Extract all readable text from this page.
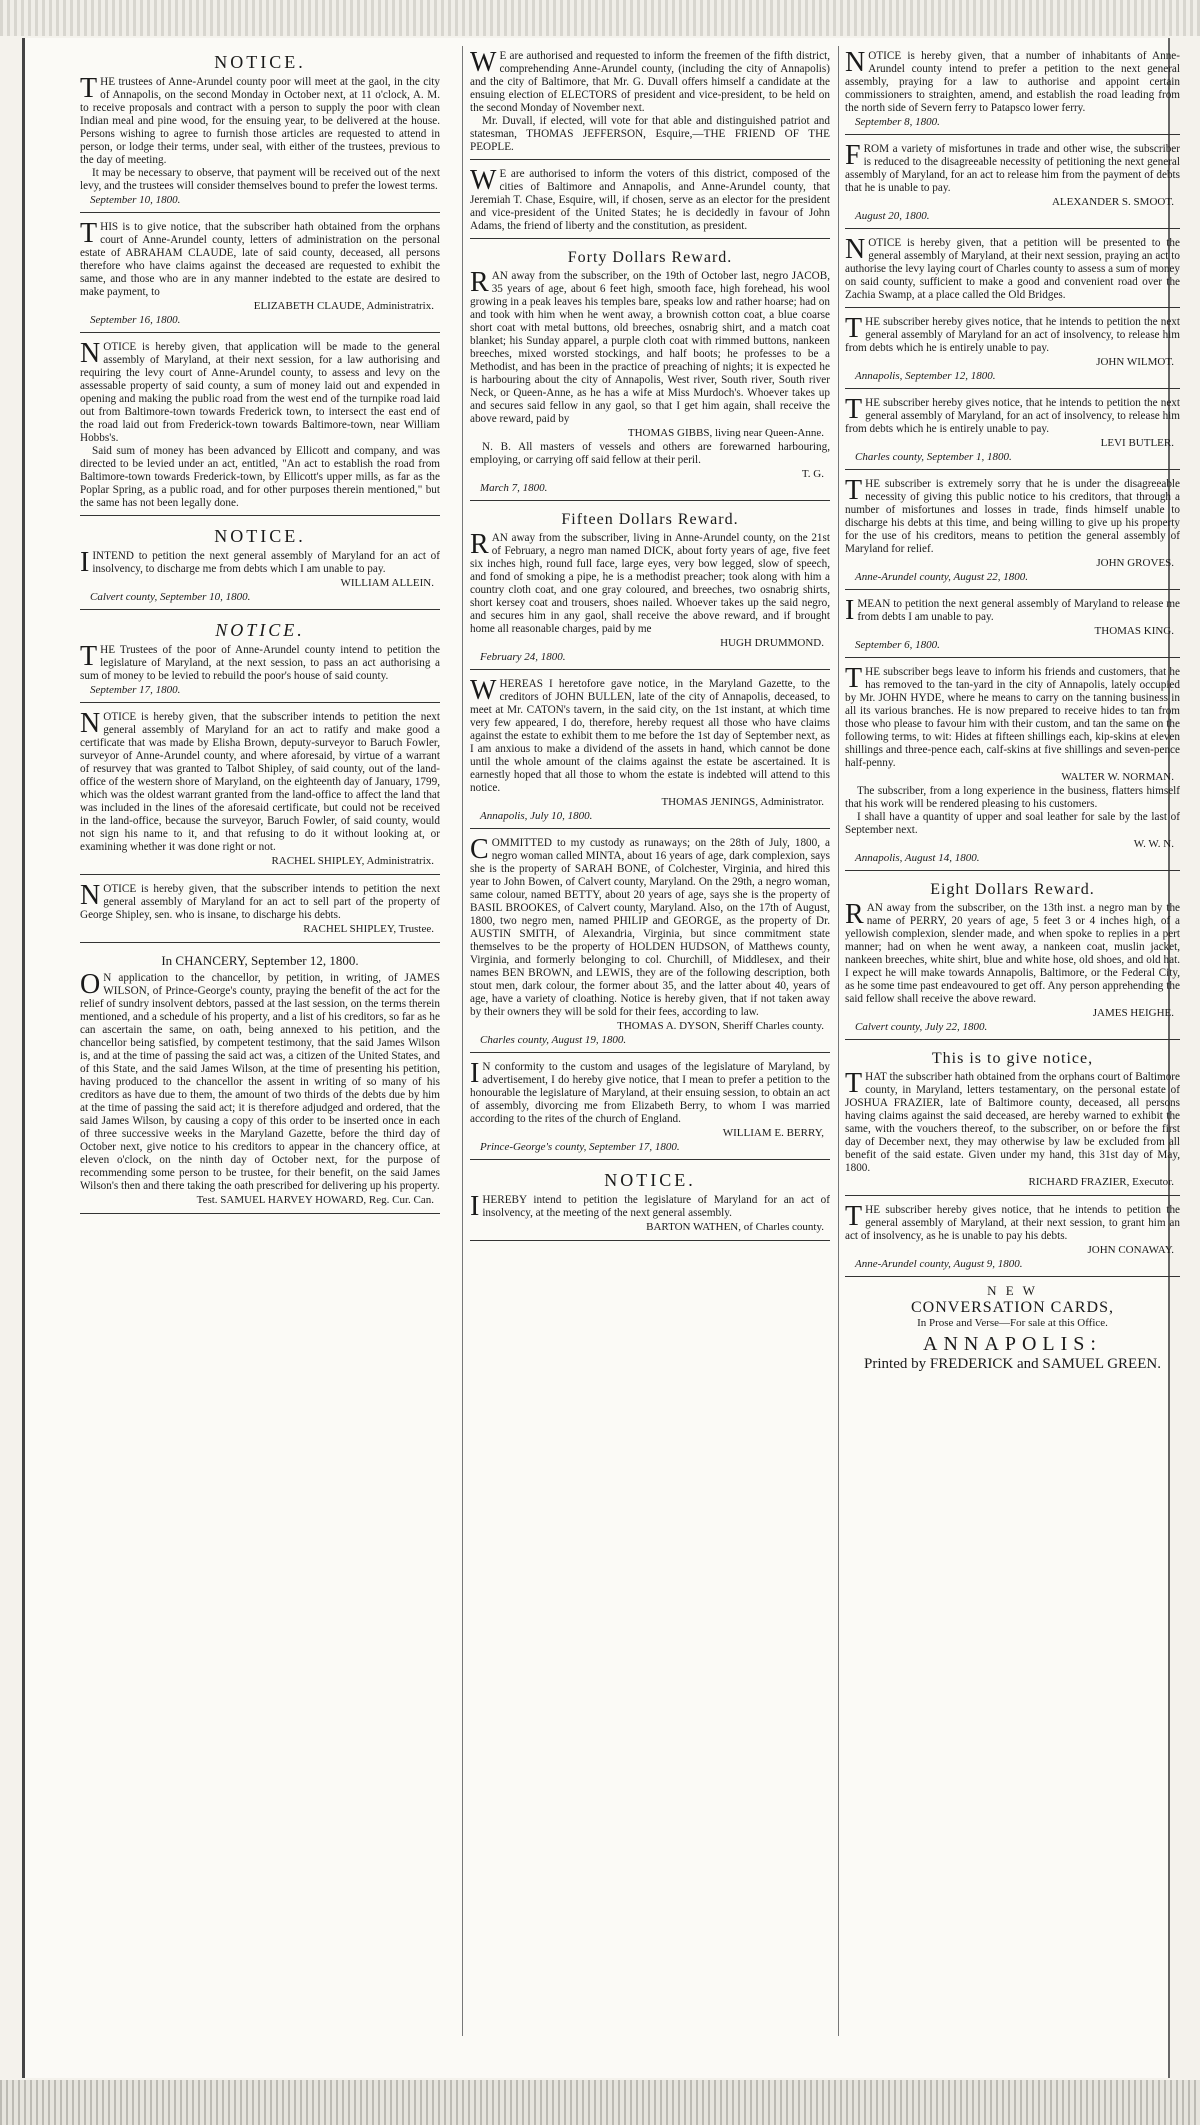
NOTICE.

THE trustees of Anne-Arundel county poor will meet at the gaol, in the city of Annapolis, on the second Monday in October next, at 11 o'clock, A. M. to receive proposals and contract with a person to supply the poor with clean Indian meal and pine wood, for the ensuing year, to be delivered at the house. Persons wishing to agree to furnish those articles are requested to attend in person, or lodge their terms, under seal, with either of the trustees, previous to the day of meeting.

It may be necessary to observe, that payment will be received out of the next levy, and the trustees will consider themselves bound to prefer the lowest terms.

September 10, 1800.

THIS is to give notice, that the subscriber hath obtained from the orphans court of Anne-Arundel county, letters of administration on the personal estate of ABRAHAM CLAUDE, late of said county, deceased, all persons therefore who have claims against the deceased are requested to exhibit the same, and those who are in any manner indebted to the estate are desired to make payment, to

ELIZABETH CLAUDE, Administratrix.

September 16, 1800.

NOTICE is hereby given, that application will be made to the general assembly of Maryland, at their next session, for a law authorising and requiring the levy court of Anne-Arundel county, to assess and levy on the assessable property of said county, a sum of money laid out and expended in opening and making the public road from the west end of the turnpike road laid out from Baltimore-town towards Frederick town, to intersect the east end of the road laid out from Frederick-town towards Baltimore-town, near William Hobbs's.

Said sum of money has been advanced by Ellicott and company, and was directed to be levied under an act, entitled, "An act to establish the road from Baltimore-town towards Frederick-town, by Ellicott's upper mills, as far as the Poplar Spring, as a public road, and for other purposes therein mentioned," but the same has not been legally done.

NOTICE.

IINTEND to petition the next general assembly of Maryland for an act of insolvency, to discharge me from debts which I am unable to pay.

WILLIAM ALLEIN.

Calvert county, September 10, 1800.

NOTICE.

THE Trustees of the poor of Anne-Arundel county intend to petition the legislature of Maryland, at the next session, to pass an act authorising a sum of money to be levied to rebuild the poor's house of said county.

September 17, 1800.

NOTICE is hereby given, that the subscriber intends to petition the next general assembly of Maryland for an act to ratify and make good a certificate that was made by Elisha Brown, deputy-surveyor to Baruch Fowler, surveyor of Anne-Arundel county, and where aforesaid, by virtue of a warrant of resurvey that was granted to Talbot Shipley, of said county, out of the land-office of the western shore of Maryland, on the eighteenth day of January, 1799, which was the oldest warrant granted from the land-office to affect the land that was included in the lines of the aforesaid certificate, but could not be received in the land-office, because the surveyor, Baruch Fowler, of said county, would not sign his name to it, and that refusing to do it without looking at, or examining whether it was done right or not.

RACHEL SHIPLEY, Administratrix.

NOTICE is hereby given, that the subscriber intends to petition the next general assembly of Maryland for an act to sell part of the property of George Shipley, sen. who is insane, to discharge his debts.

RACHEL SHIPLEY, Trustee.

In CHANCERY, September 12, 1800.

ON application to the chancellor, by petition, in writing, of JAMES WILSON, of Prince-George's county, praying the benefit of the act for the relief of sundry insolvent debtors, passed at the last session, on the terms therein mentioned, and a schedule of his property, and a list of his creditors, so far as he can ascertain the same, on oath, being annexed to his petition, and the chancellor being satisfied, by competent testimony, that the said James Wilson is, and at the time of passing the said act was, a citizen of the United States, and of this State, and the said James Wilson, at the time of presenting his petition, having produced to the chancellor the assent in writing of so many of his creditors as have due to them, the amount of two thirds of the debts due by him at the time of passing the said act; it is therefore adjudged and ordered, that the said James Wilson, by causing a copy of this order to be inserted once in each of three successive weeks in the Maryland Gazette, before the third day of October next, give notice to his creditors to appear in the chancery office, at eleven o'clock, on the ninth day of October next, for the purpose of recommending some person to be trustee, for their benefit, on the said James Wilson's then and there taking the oath prescribed for delivering up his property.

Test. SAMUEL HARVEY HOWARD, Reg. Cur. Can.

WE are authorised and requested to inform the freemen of the fifth district, comprehending Anne-Arundel county, (including the city of Annapolis) and the city of Baltimore, that Mr. G. Duvall offers himself a candidate at the ensuing election of ELECTORS of president and vice-president, to be held on the second Monday of November next.

Mr. Duvall, if elected, will vote for that able and distinguished patriot and statesman, THOMAS JEFFERSON, Esquire,—THE FRIEND OF THE PEOPLE.

WE are authorised to inform the voters of this district, composed of the cities of Baltimore and Annapolis, and Anne-Arundel county, that Jeremiah T. Chase, Esquire, will, if chosen, serve as an elector for the president and vice-president of the United States; he is decidedly in favour of John Adams, the friend of liberty and the constitution, as president.

Forty Dollars Reward.

RAN away from the subscriber, on the 19th of October last, negro JACOB, 35 years of age, about 6 feet high, smooth face, high forehead, his wool growing in a peak leaves his temples bare, speaks low and rather hoarse; had on and took with him when he went away, a brownish cotton coat, a blue coarse short coat with metal buttons, old breeches, osnabrig shirt, and a match coat blanket; his Sunday apparel, a purple cloth coat with rimmed buttons, nankeen breeches, mixed worsted stockings, and half boots; he professes to be a Methodist, and has been in the practice of preaching of nights; it is expected he is harbouring about the city of Annapolis, West river, South river, South river Neck, or Queen-Anne, as he has a wife at Miss Murdoch's. Whoever takes up and secures said fellow in any gaol, so that I get him again, shall receive the above reward, paid by

THOMAS GIBBS, living near Queen-Anne.

N. B. All masters of vessels and others are forewarned harbouring, employing, or carrying off said fellow at their peril.

T. G.

March 7, 1800.

Fifteen Dollars Reward.

RAN away from the subscriber, living in Anne-Arundel county, on the 21st of February, a negro man named DICK, about forty years of age, five feet six inches high, round full face, large eyes, very bow legged, slow of speech, and fond of smoking a pipe, he is a methodist preacher; took along with him a country cloth coat, and one gray coloured, and breeches, two osnabrig shirts, short kersey coat and trousers, shoes nailed. Whoever takes up the said negro, and secures him in any gaol, shall receive the above reward, and if brought home all reasonable charges, paid by me

HUGH DRUMMOND.

February 24, 1800.

WHEREAS I heretofore gave notice, in the Maryland Gazette, to the creditors of JOHN BULLEN, late of the city of Annapolis, deceased, to meet at Mr. CATON's tavern, in the said city, on the 1st instant, at which time very few appeared, I do, therefore, hereby request all those who have claims against the estate to exhibit them to me before the 1st day of September next, as I am anxious to make a dividend of the assets in hand, which cannot be done until the whole amount of the claims against the estate be ascertained. It is earnestly hoped that all those to whom the estate is indebted will attend to this notice.

THOMAS JENINGS, Administrator.

Annapolis, July 10, 1800.

COMMITTED to my custody as runaways; on the 28th of July, 1800, a negro woman called MINTA, about 16 years of age, dark complexion, says she is the property of SARAH BONE, of Colchester, Virginia, and hired this year to John Bowen, of Calvert county, Maryland. On the 29th, a negro woman, same colour, named BETTY, about 20 years of age, says she is the property of BASIL BROOKES, of Calvert county, Maryland. Also, on the 17th of August, 1800, two negro men, named PHILIP and GEORGE, as the property of Dr. AUSTIN SMITH, of Alexandria, Virginia, but since commitment state themselves to be the property of HOLDEN HUDSON, of Matthews county, Virginia, and formerly belonging to col. Churchill, of Middlesex, and their names BEN BROWN, and LEWIS, they are of the following description, both stout men, dark colour, the former about 35, and the latter about 40, years of age, have a variety of cloathing. Notice is hereby given, that if not taken away by their owners they will be sold for their fees, according to law.

THOMAS A. DYSON, Sheriff Charles county.

Charles county, August 19, 1800.

IN conformity to the custom and usages of the legislature of Maryland, by advertisement, I do hereby give notice, that I mean to prefer a petition to the honourable the legislature of Maryland, at their ensuing session, to obtain an act of assembly, divorcing me from Elizabeth Berry, to whom I was married according to the rites of the church of England.

WILLIAM E. BERRY,

Prince-George's county, September 17, 1800.

NOTICE.

IHEREBY intend to petition the legislature of Maryland for an act of insolvency, at the meeting of the next general assembly.

BARTON WATHEN, of Charles county.

NOTICE is hereby given, that a number of inhabitants of Anne-Arundel county intend to prefer a petition to the next general assembly, praying for a law to authorise and appoint certain commissioners to straighten, amend, and establish the road leading from the north side of Severn ferry to Patapsco lower ferry.

September 8, 1800.

FROM a variety of misfortunes in trade and other wise, the subscriber is reduced to the disagreeable necessity of petitioning the next general assembly of Maryland, for an act to release him from the payment of debts that he is unable to pay.

ALEXANDER S. SMOOT.

August 20, 1800.

NOTICE is hereby given, that a petition will be presented to the general assembly of Maryland, at their next session, praying an act to authorise the levy laying court of Charles county to assess a sum of money on said county, sufficient to make a good and convenient road over the Zachia Swamp, at a place called the Old Bridges.

THE subscriber hereby gives notice, that he intends to petition the next general assembly of Maryland for an act of insolvency, to release him from debts which he is entirely unable to pay.

JOHN WILMOT.

Annapolis, September 12, 1800.

THE subscriber hereby gives notice, that he intends to petition the next general assembly of Maryland, for an act of insolvency, to release him from debts which he is entirely unable to pay.

LEVI BUTLER.

Charles county, September 1, 1800.

THE subscriber is extremely sorry that he is under the disagreeable necessity of giving this public notice to his creditors, that through a number of misfortunes and losses in trade, finds himself unable to discharge his debts at this time, and being willing to give up his property for the use of his creditors, means to petition the general assembly of Maryland for relief.

JOHN GROVES.

Anne-Arundel county, August 22, 1800.

IMEAN to petition the next general assembly of Maryland to release me from debts I am unable to pay.

THOMAS KING.

September 6, 1800.

THE subscriber begs leave to inform his friends and customers, that he has removed to the tan-yard in the city of Annapolis, lately occupied by Mr. JOHN HYDE, where he means to carry on the tanning business in all its various branches. He is now prepared to receive hides to tan from those who please to favour him with their custom, and tan the same on the following terms, to wit: Hides at fifteen shillings each, kip-skins at eleven shillings and three-pence each, calf-skins at five shillings and seven-pence half-penny.

WALTER W. NORMAN.

The subscriber, from a long experience in the business, flatters himself that his work will be rendered pleasing to his customers.

I shall have a quantity of upper and soal leather for sale by the last of September next.

W. W. N.

Annapolis, August 14, 1800.

Eight Dollars Reward.

RAN away from the subscriber, on the 13th inst. a negro man by the name of PERRY, 20 years of age, 5 feet 3 or 4 inches high, of a yellowish complexion, slender made, and when spoke to replies in a pert manner; had on when he went away, a nankeen coat, muslin jacket, nankeen breeches, white shirt, blue and white hose, old shoes, and old hat. I expect he will make towards Annapolis, Baltimore, or the Federal City, as he some time past endeavoured to get off. Any person apprehending the said fellow shall receive the above reward.

JAMES HEIGHE.

Calvert county, July 22, 1800.

This is to give notice,

THAT the subscriber hath obtained from the orphans court of Baltimore county, in Maryland, letters testamentary, on the personal estate of JOSHUA FRAZIER, late of Baltimore county, deceased, all persons having claims against the said deceased, are hereby warned to exhibit the same, with the vouchers thereof, to the subscriber, on or before the first day of December next, they may otherwise by law be excluded from all benefit of the said estate. Given under my hand, this 31st day of May, 1800.

RICHARD FRAZIER, Executor.

THE subscriber hereby gives notice, that he intends to petition the general assembly of Maryland, at their next session, to grant him an act of insolvency, as he is unable to pay his debts.

JOHN CONAWAY.

Anne-Arundel county, August 9, 1800.

N E W
CONVERSATION CARDS,
In Prose and Verse—For sale at this Office.
ANNAPOLIS:
Printed by FREDERICK and SAMUEL GREEN.
